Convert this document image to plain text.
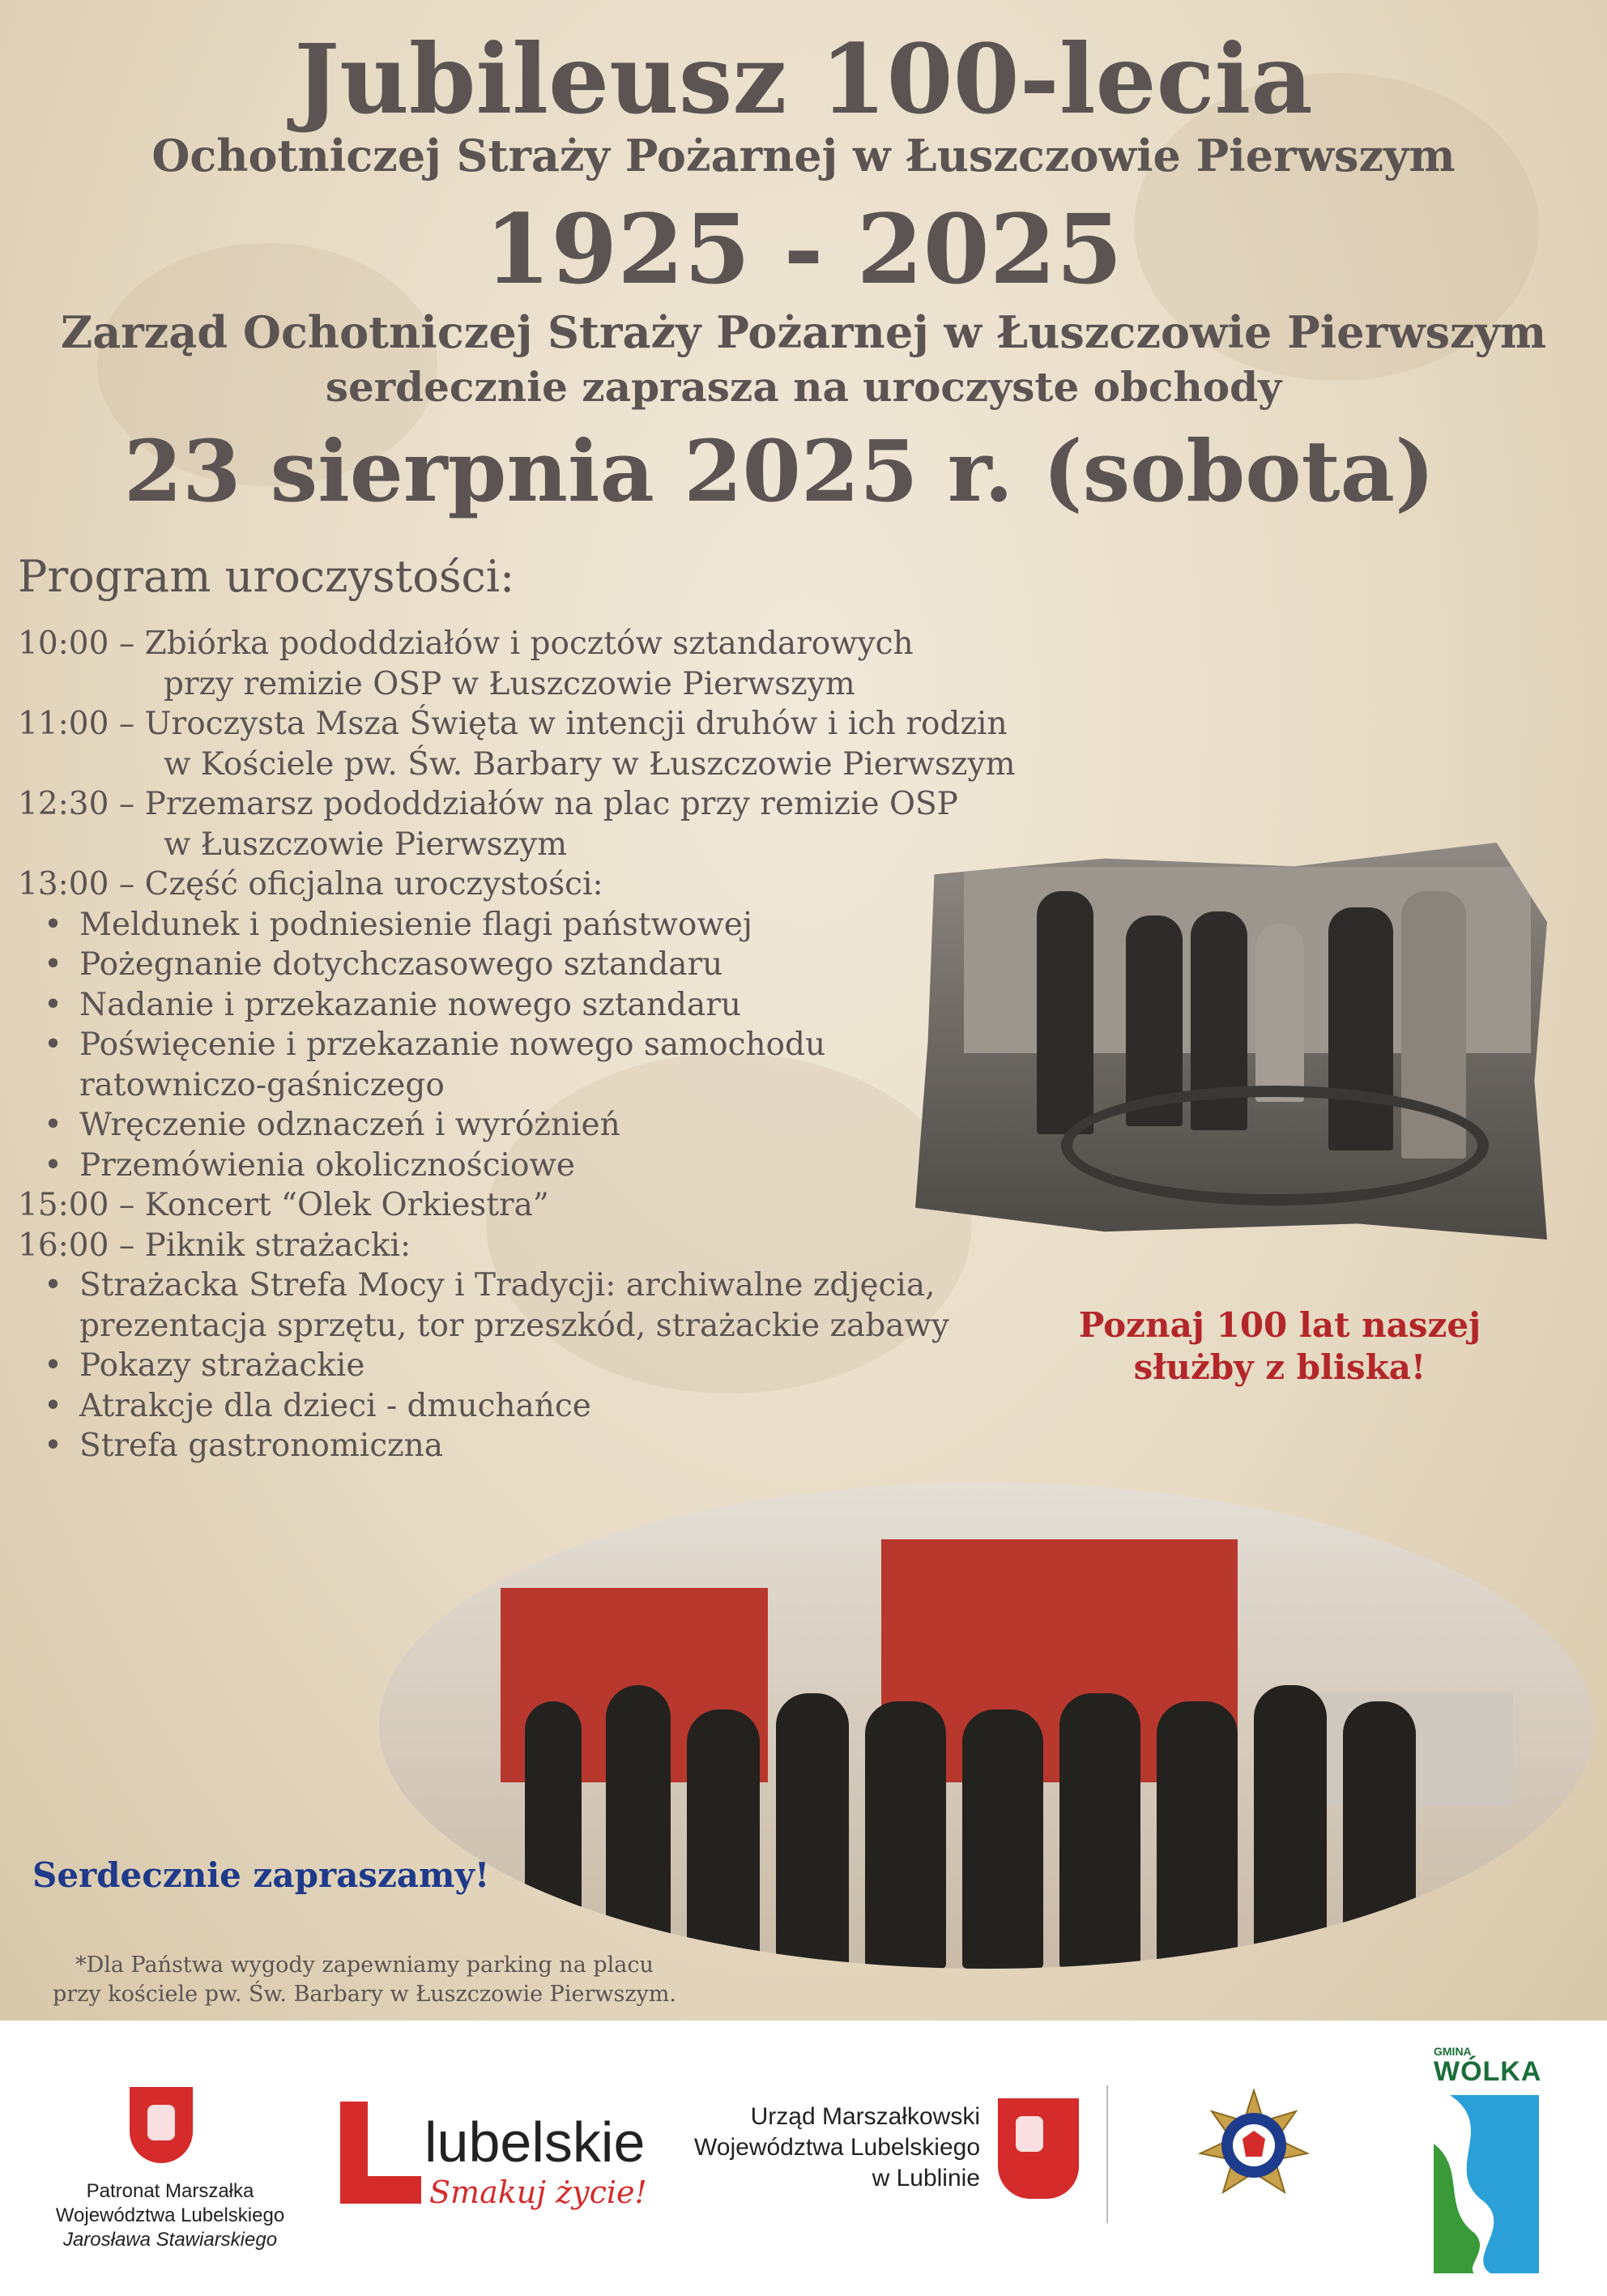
Jubileusz 100-lecia
Ochotniczej Straży Pożarnej w Łuszczowie Pierwszym
1925 - 2025
Zarząd Ochotniczej Straży Pożarnej w Łuszczowie Pierwszym
serdecznie zaprasza na uroczyste obchody
23 sierpnia 2025 r. (sobota)
Program uroczystości:
10:00 – Zbiórka pododdziałów i pocztów sztandarowych
przy remizie OSP w Łuszczowie Pierwszym
11:00 – Uroczysta Msza Święta w intencji druhów i ich rodzin
w Kościele pw. Św. Barbary w Łuszczowie Pierwszym
12:30 – Przemarsz pododdziałów na plac przy remizie OSP
w Łuszczowie Pierwszym
13:00 – Część oficjalna uroczystości:
• Meldunek i podniesienie flagi państwowej
• Pożegnanie dotychczasowego sztandaru
• Nadanie i przekazanie nowego sztandaru
• Poświęcenie i przekazanie nowego samochodu
ratowniczo-gaśniczego
• Wręczenie odznaczeń i wyróżnień
• Przemówienia okolicznościowe
15:00 – Koncert “Olek Orkiestra”
16:00 – Piknik strażacki:
• Strażacka Strefa Mocy i Tradycji: archiwalne zdjęcia,
prezentacja sprzętu, tor przeszkód, strażackie zabawy
• Pokazy strażackie
• Atrakcje dla dzieci - dmuchańce
• Strefa gastronomiczna
Poznaj 100 lat naszej
służby z bliska!
Serdecznie zapraszamy!
*Dla Państwa wygody zapewniamy parking na placu
przy kościele pw. Św. Barbary w Łuszczowie Pierwszym.
Patronat Marszałka
Województwa Lubelskiego
Jarosława Stawiarskiego
lubelskie
Smakuj życie!
Urząd Marszałkowski
Województwa Lubelskiego
w Lublinie
GMINA
WÓLKA
